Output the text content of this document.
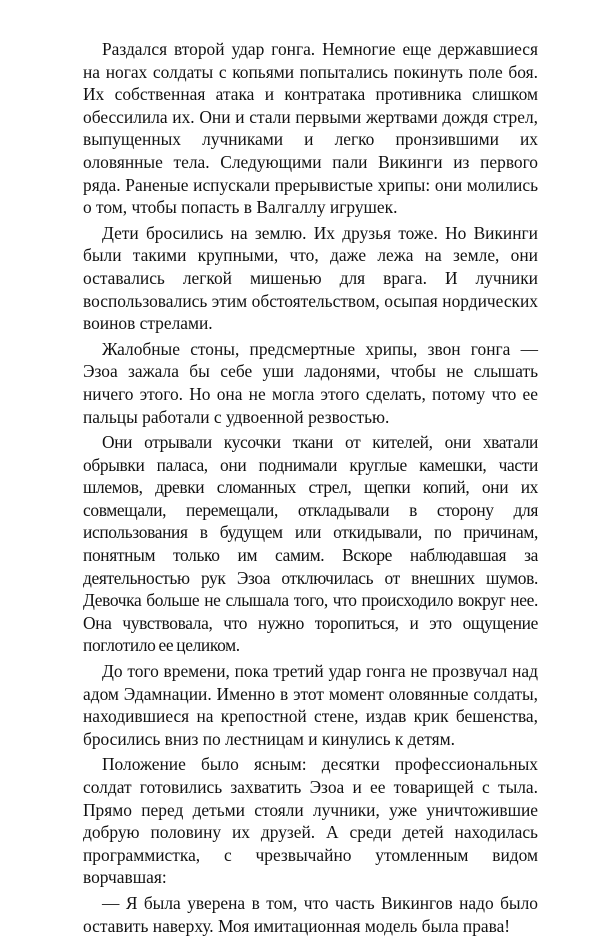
Раздался второй удар гонга. Немногие еще державшиеся на ногах солдаты с копьями попытались покинуть поле боя. Их собственная атака и контратака противника слишком обессилила их. Они и стали первыми жертвами дождя стрел, выпущенных лучниками и легко пронзившими их оловянные тела. Следующими пали Викинги из первого ряда. Раненые испускали прерывистые хрипы: они молились о том, чтобы попасть в Валгаллу игрушек.

Дети бросились на землю. Их друзья тоже. Но Викинги были такими крупными, что, даже лежа на земле, они оставались легкой мишенью для врага. И лучники воспользовались этим обстоятельством, осыпая нордических воинов стрелами.

Жалобные стоны, предсмертные хрипы, звон гонга — Эзоа зажала бы себе уши ладонями, чтобы не слышать ничего этого. Но она не могла этого сделать, потому что ее пальцы работали с удвоенной резвостью.

Они отрывали кусочки ткани от кителей, они хватали обрывки паласа, они поднимали круглые камешки, части шлемов, древки сломанных стрел, щепки копий, они их совмещали, перемещали, откладывали в сторону для использования в будущем или откидывали, по причинам, понятным только им самим. Вскоре наблюдавшая за деятельностью рук Эзоа отключилась от внешних шумов. Девочка больше не слышала того, что происходило вокруг нее. Она чувствовала, что нужно торопиться, и это ощущение поглотило ее целиком.

До того времени, пока третий удар гонга не прозвучал над адом Эдамнации. Именно в этот момент оловянные солдаты, находившиеся на крепостной стене, издав крик бешенства, бросились вниз по лестницам и кинулись к детям.

Положение было ясным: десятки профессиональных солдат готовились захватить Эзоа и ее товарищей с тыла. Прямо перед детьми стояли лучники, уже уничтожившие добрую половину их друзей. А среди детей находилась программистка, с чрезвычайно утомленным видом ворчавшая:

— Я была уверена в том, что часть Викингов надо было оставить наверху. Моя имитационная модель была права!
